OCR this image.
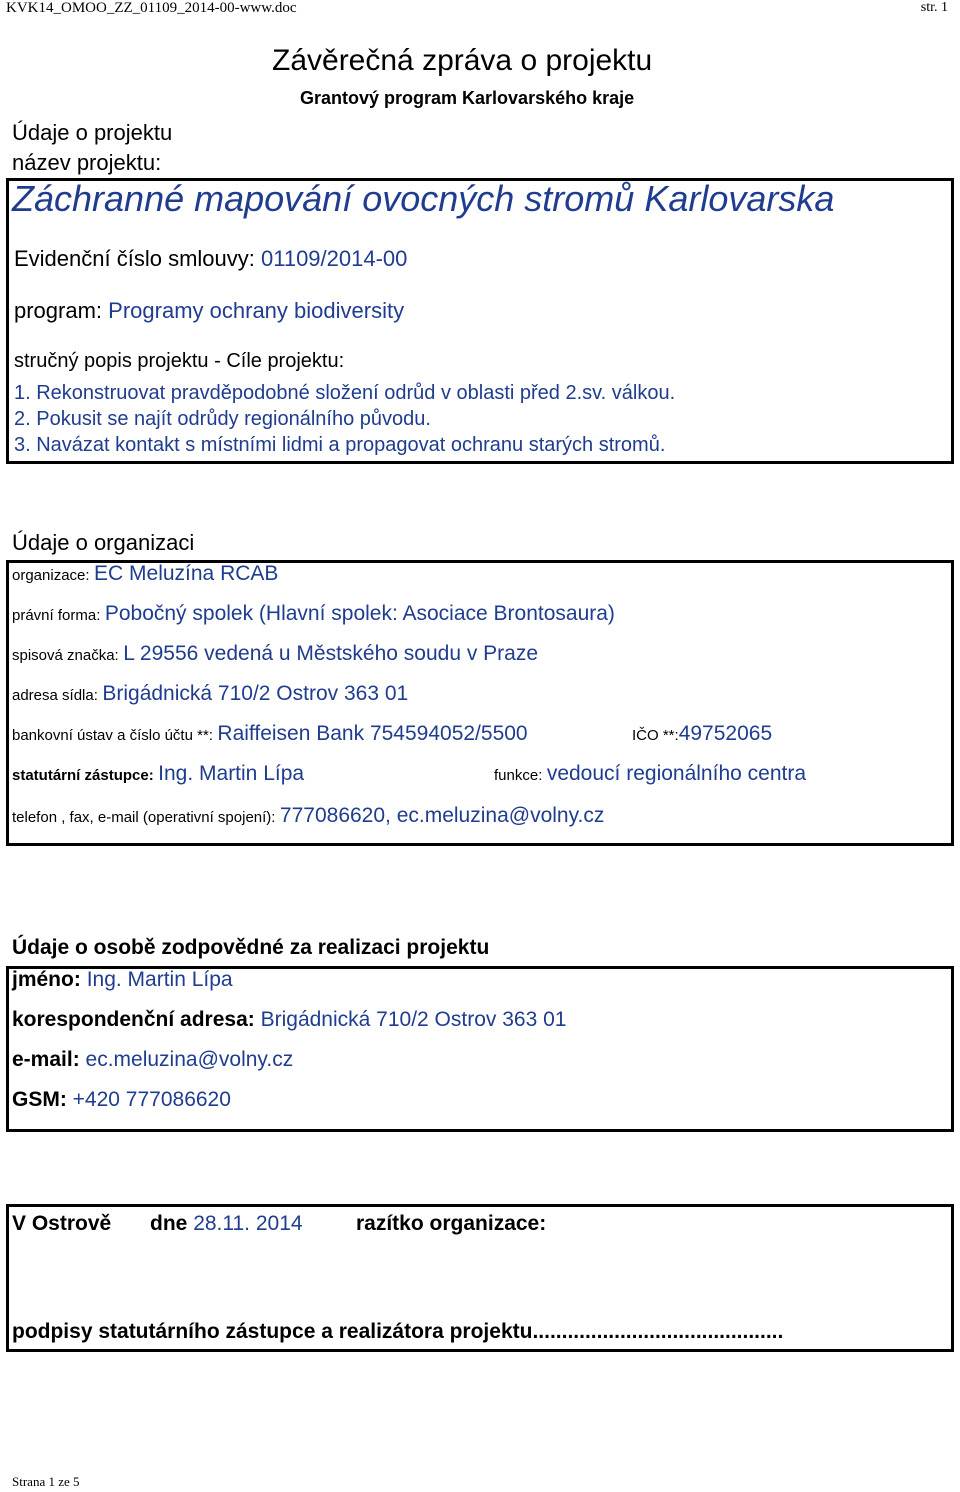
KVK14_OMOO_ZZ_01109_2014-00-www.doc	str. 1
Závěrečná zpráva o projektu
Grantový program Karlovarského kraje
Údaje o projektu
název projektu:
Záchranné mapování ovocných stromů Karlovarska
Evidenční číslo smlouvy: 01109/2014-00
program: Programy ochrany biodiversity
stručný popis projektu - Cíle projektu:
1. Rekonstruovat pravděpodobné složení odrůd v oblasti před 2.sv. válkou.
2. Pokusit se najít odrůdy regionálního původu.
3. Navázat kontakt s místními lidmi a propagovat ochranu starých stromů.
Údaje o organizaci
organizace: EC Meluzína RCAB
právní forma: Pobočný spolek (Hlavní spolek: Asociace Brontosaura)
spisová značka: L 29556 vedená u Městského soudu v Praze
adresa sídla: Brigádnická 710/2 Ostrov 363 01
bankovní ústav a číslo účtu **: Raiffeisen Bank 754594052/5500	IČO **:49752065
statutární zástupce: Ing. Martin Lípa	funkce: vedoucí regionálního centra
telefon , fax, e-mail (operativní spojení): 777086620, ec.meluzina@volny.cz
Údaje o osobě zodpovědné za realizaci projektu
jméno: Ing. Martin Lípa
korespondenční adresa: Brigádnická 710/2 Ostrov 363 01
e-mail: ec.meluzina@volny.cz
GSM: +420 777086620
V Ostrově dne 28.11. 2014	razítko organizace:
podpisy statutárního zástupce a realizátora projektu...........................................
Strana 1 ze 5
